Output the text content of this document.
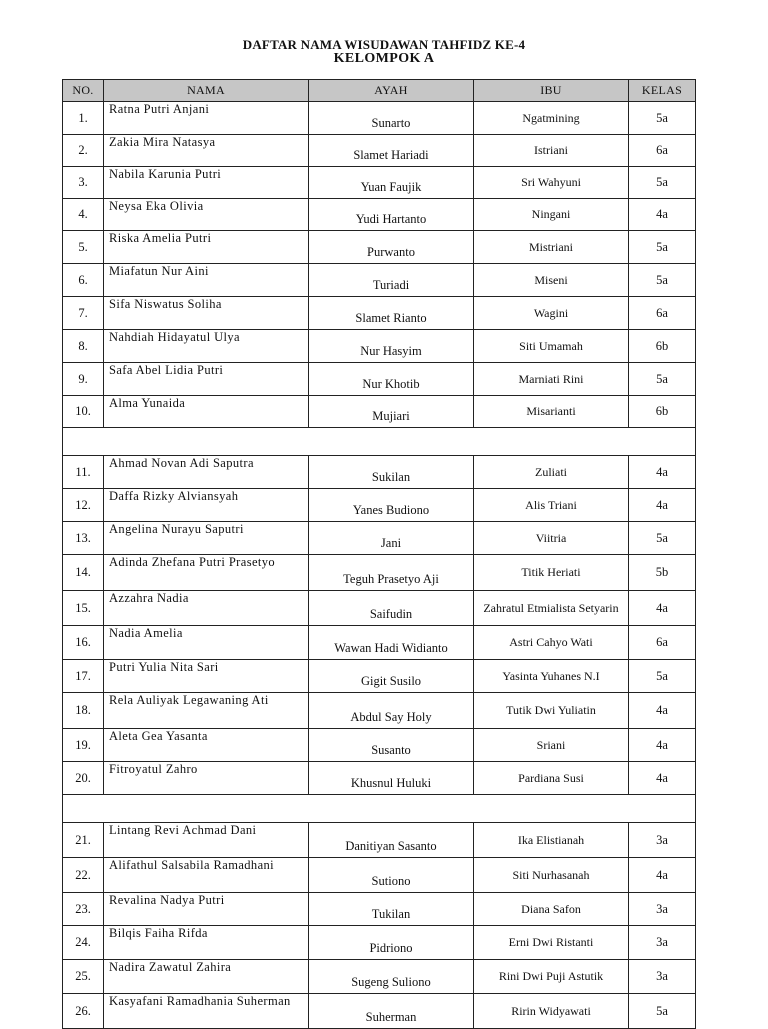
DAFTAR NAMA WISUDAWAN TAHFIDZ KE-4
KELOMPOK A
NO.	NAMA	AYAH	IBU	KELAS
1.	Ratna Putri Anjani	Sunarto	Ngatmining	5a
2.	Zakia Mira Natasya	Slamet Hariadi	Istriani	6a
3.	Nabila Karunia Putri	Yuan Faujik	Sri Wahyuni	5a
4.	Neysa Eka Olivia	Yudi Hartanto	Ningani	4a
5.	Riska Amelia Putri	Purwanto	Mistriani	5a
6.	Miafatun Nur Aini	Turiadi	Miseni	5a
7.	Sifa Niswatus Soliha	Slamet Rianto	Wagini	6a
8.	Nahdiah Hidayatul Ulya	Nur Hasyim	Siti Umamah	6b
9.	Safa Abel Lidia Putri	Nur Khotib	Marniati Rini	5a
10.	Alma Yunaida	Mujiari	Misarianti	6b

11.	Ahmad Novan Adi Saputra	Sukilan	Zuliati	4a
12.	Daffa Rizky Alviansyah	Yanes Budiono	Alis Triani	4a
13.	Angelina Nurayu Saputri	Jani	Viitria	5a
14.	Adinda Zhefana Putri Prasetyo	Teguh Prasetyo Aji	Titik Heriati	5b
15.	Azzahra Nadia	Saifudin	Zahratul Etmialista Setyarin	4a
16.	Nadia Amelia	Wawan Hadi Widianto	Astri Cahyo Wati	6a
17.	Putri Yulia Nita Sari	Gigit Susilo	Yasinta Yuhanes N.I	5a
18.	Rela Auliyak Legawaning Ati	Abdul Say Holy	Tutik Dwi Yuliatin	4a
19.	Aleta Gea Yasanta	Susanto	Sriani	4a
20.	Fitroyatul Zahro	Khusnul Huluki	Pardiana Susi	4a

21.	Lintang Revi Achmad Dani	Danitiyan Sasanto	Ika Elistianah	3a
22.	Alifathul Salsabila Ramadhani	Sutiono	Siti Nurhasanah	4a
23.	Revalina Nadya Putri	Tukilan	Diana Safon	3a
24.	Bilqis Faiha Rifda	Pidriono	Erni Dwi Ristanti	3a
25.	Nadira Zawatul Zahira	Sugeng Suliono	Rini Dwi Puji Astutik	3a
26.	Kasyafani Ramadhania Suherman	Suherman	Ririn Widyawati	5a
